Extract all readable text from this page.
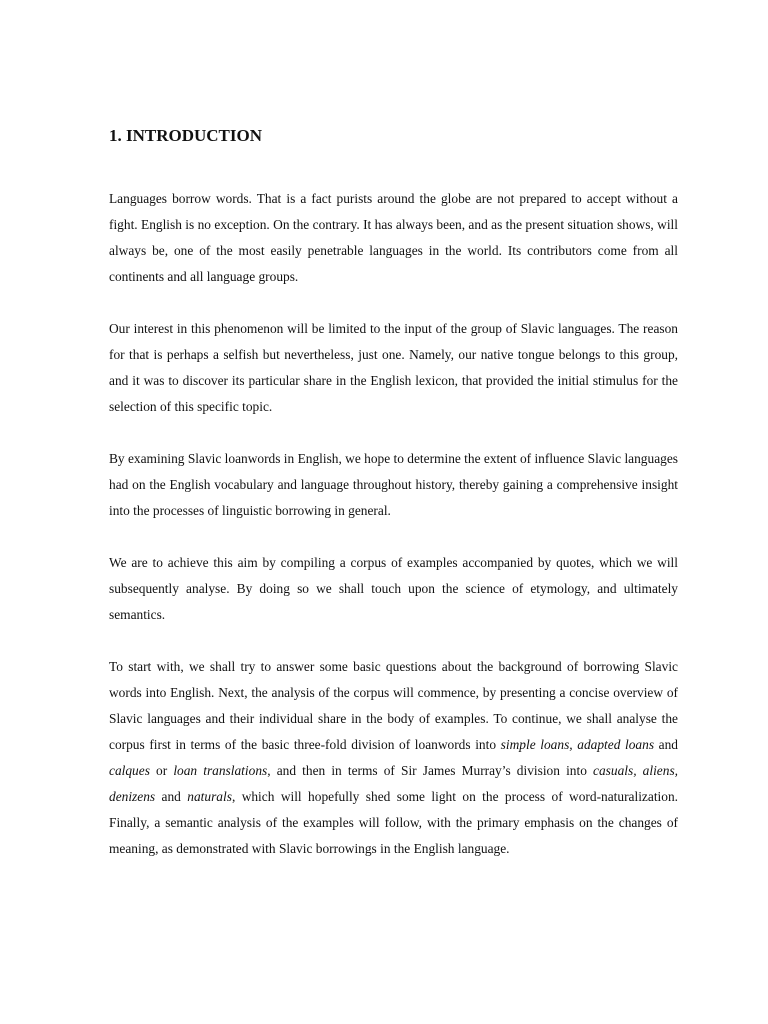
1. INTRODUCTION

Languages borrow words. That is a fact purists around the globe are not prepared to accept without a fight. English is no exception. On the contrary. It has always been, and as the present situation shows, will always be, one of the most easily penetrable languages in the world. Its contributors come from all continents and all language groups.

Our interest in this phenomenon will be limited to the input of the group of Slavic languages. The reason for that is perhaps a selfish but nevertheless, just one. Namely, our native tongue belongs to this group, and it was to discover its particular share in the English lexicon, that provided the initial stimulus for the selection of this specific topic.

By examining Slavic loanwords in English, we hope to determine the extent of influence Slavic languages had on the English vocabulary and language throughout history, thereby gaining a comprehensive insight into the processes of linguistic borrowing in general.

We are to achieve this aim by compiling a corpus of examples accompanied by quotes, which we will subsequently analyse. By doing so we shall touch upon the science of etymology, and ultimately semantics.

To start with, we shall try to answer some basic questions about the background of borrowing Slavic words into English. Next, the analysis of the corpus will commence, by presenting a concise overview of Slavic languages and their individual share in the body of examples. To continue, we shall analyse the corpus first in terms of the basic three-fold division of loanwords into simple loans, adapted loans and calques or loan translations, and then in terms of Sir James Murray’s division into casuals, aliens, denizens and naturals, which will hopefully shed some light on the process of word-naturalization. Finally, a semantic analysis of the examples will follow, with the primary emphasis on the changes of meaning, as demonstrated with Slavic borrowings in the English language.
